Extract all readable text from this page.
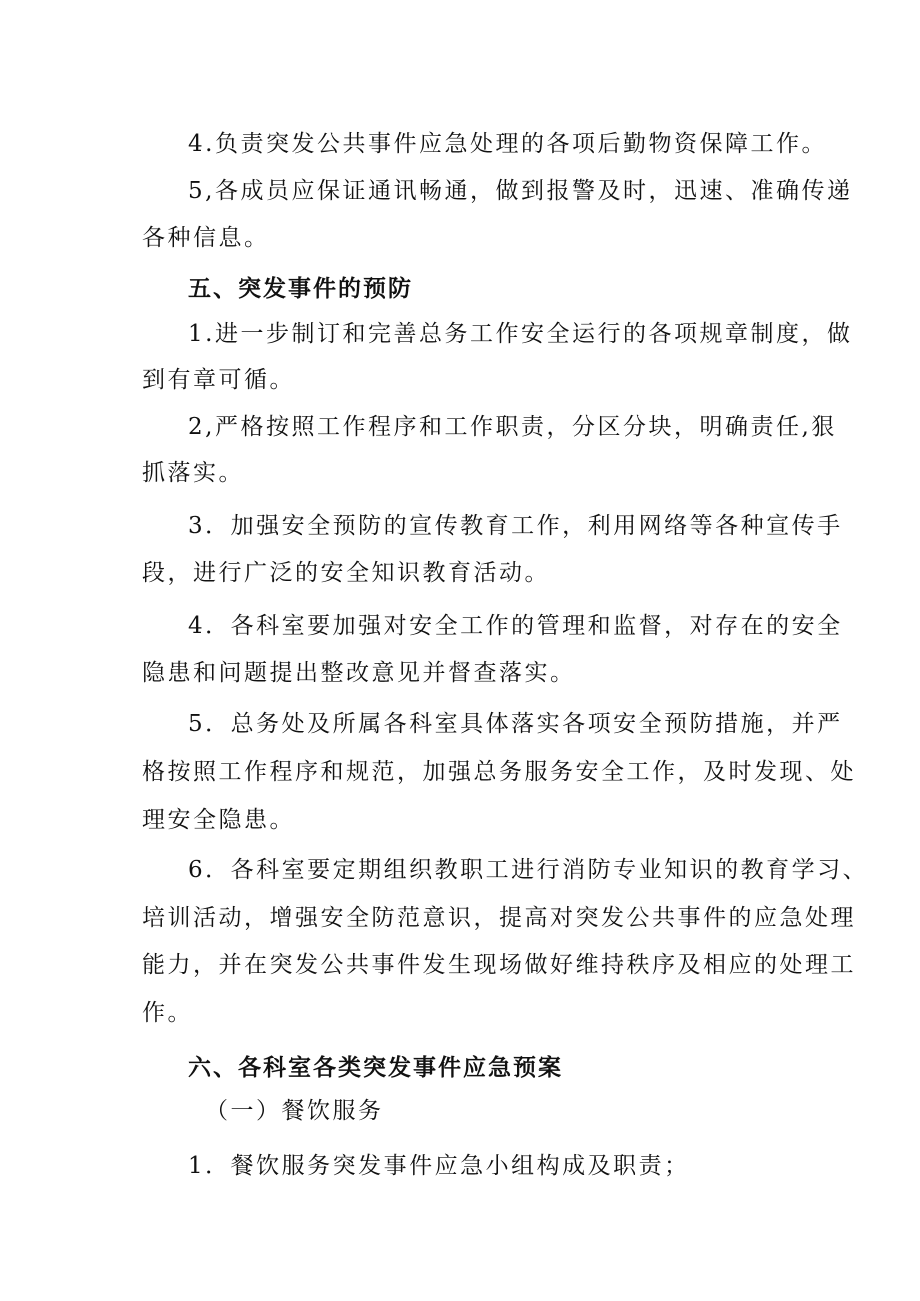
4.负责突发公共事件应急处理的各项后勤物资保障工作。
5,各成员应保证通讯畅通，做到报警及时，迅速、准确传递
各种信息。
五、突发事件的预防
1.进一步制订和完善总务工作安全运行的各项规章制度，做
到有章可循。
2,严格按照工作程序和工作职责，分区分块，明确责任,狠
抓落实。
3．加强安全预防的宣传教育工作，利用网络等各种宣传手
段，进行广泛的安全知识教育活动。
4．各科室要加强对安全工作的管理和监督，对存在的安全
隐患和问题提出整改意见并督查落实。
5．总务处及所属各科室具体落实各项安全预防措施，并严
格按照工作程序和规范，加强总务服务安全工作，及时发现、处
理安全隐患。
6．各科室要定期组织教职工进行消防专业知识的教育学习、
培训活动，增强安全防范意识，提高对突发公共事件的应急处理
能力，并在突发公共事件发生现场做好维持秩序及相应的处理工
作。
六、各科室各类突发事件应急预案
（一）餐饮服务
1．餐饮服务突发事件应急小组构成及职责；
